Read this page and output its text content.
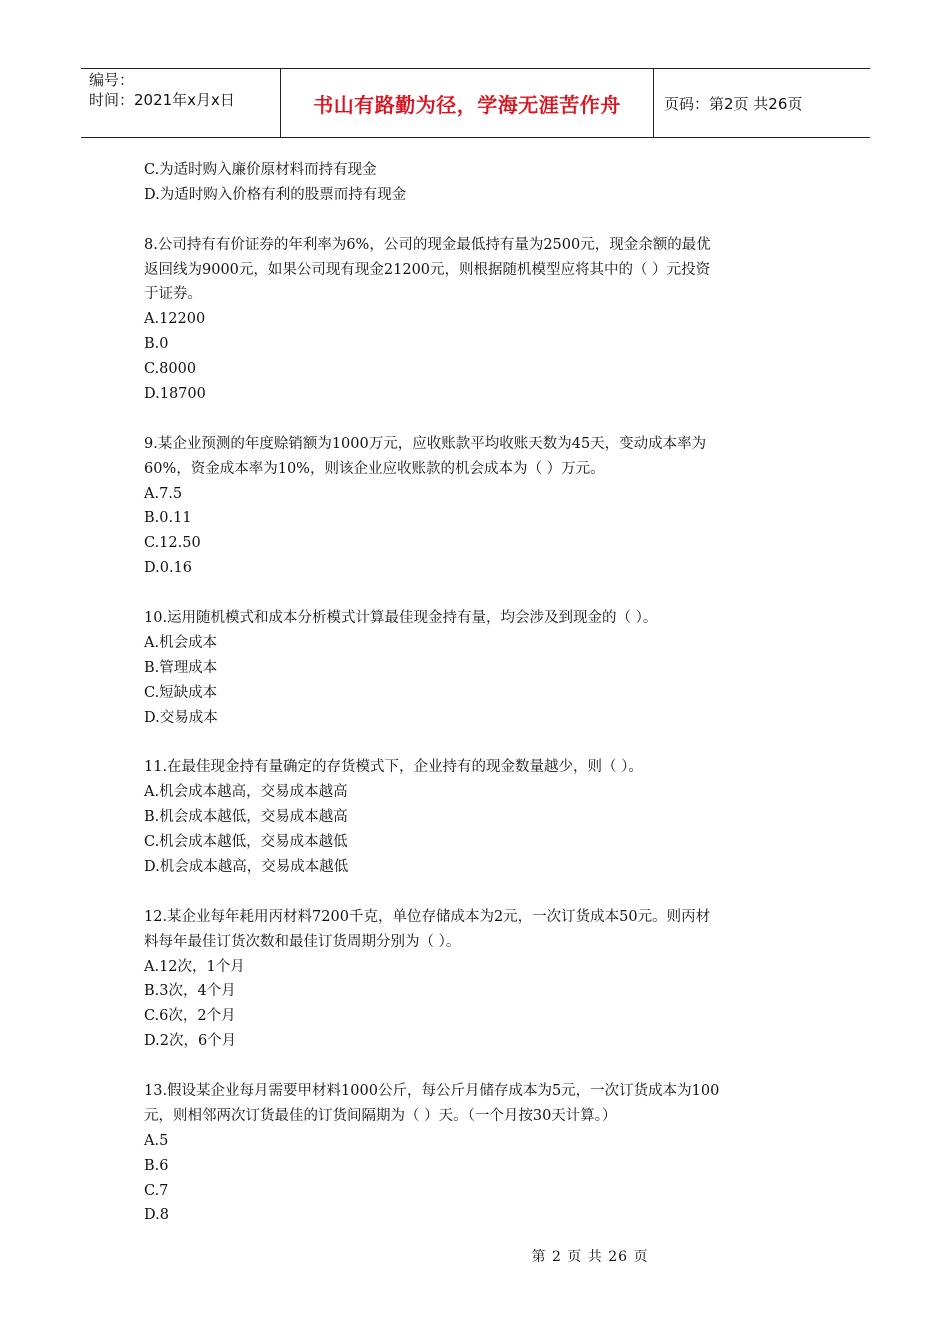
编号：
时间：2021年x月x日	书山有路勤为径，学海无涯苦作舟	页码：第2页 共26页
C.为适时购入廉价原材料而持有现金
D.为适时购入价格有利的股票而持有现金
8.公司持有有价证券的年利率为6%，公司的现金最低持有量为2500元，现金余额的最优
返回线为9000元，如果公司现有现金21200元，则根据随机模型应将其中的（ ）元投资
于证券。
A.12200
B.0
C.8000
D.18700
9.某企业预测的年度赊销额为1000万元，应收账款平均收账天数为45天，变动成本率为
60%，资金成本率为10%，则该企业应收账款的机会成本为（ ）万元。
A.7.5
B.0.11
C.12.50
D.0.16
10.运用随机模式和成本分析模式计算最佳现金持有量，均会涉及到现金的（ ）。
A.机会成本
B.管理成本
C.短缺成本
D.交易成本
11.在最佳现金持有量确定的存货模式下，企业持有的现金数量越少，则（ ）。
A.机会成本越高，交易成本越高
B.机会成本越低，交易成本越高
C.机会成本越低，交易成本越低
D.机会成本越高，交易成本越低
12.某企业每年耗用丙材料7200千克，单位存储成本为2元，一次订货成本50元。则丙材
料每年最佳订货次数和最佳订货周期分别为（ ）。
A.12次，1个月
B.3次，4个月
C.6次，2个月
D.2次，6个月
13.假设某企业每月需要甲材料1000公斤，每公斤月储存成本为5元，一次订货成本为100
元，则相邻两次订货最佳的订货间隔期为（ ）天。（一个月按30天计算。）
A.5
B.6
C.7
D.8
第 2 页 共 26 页
